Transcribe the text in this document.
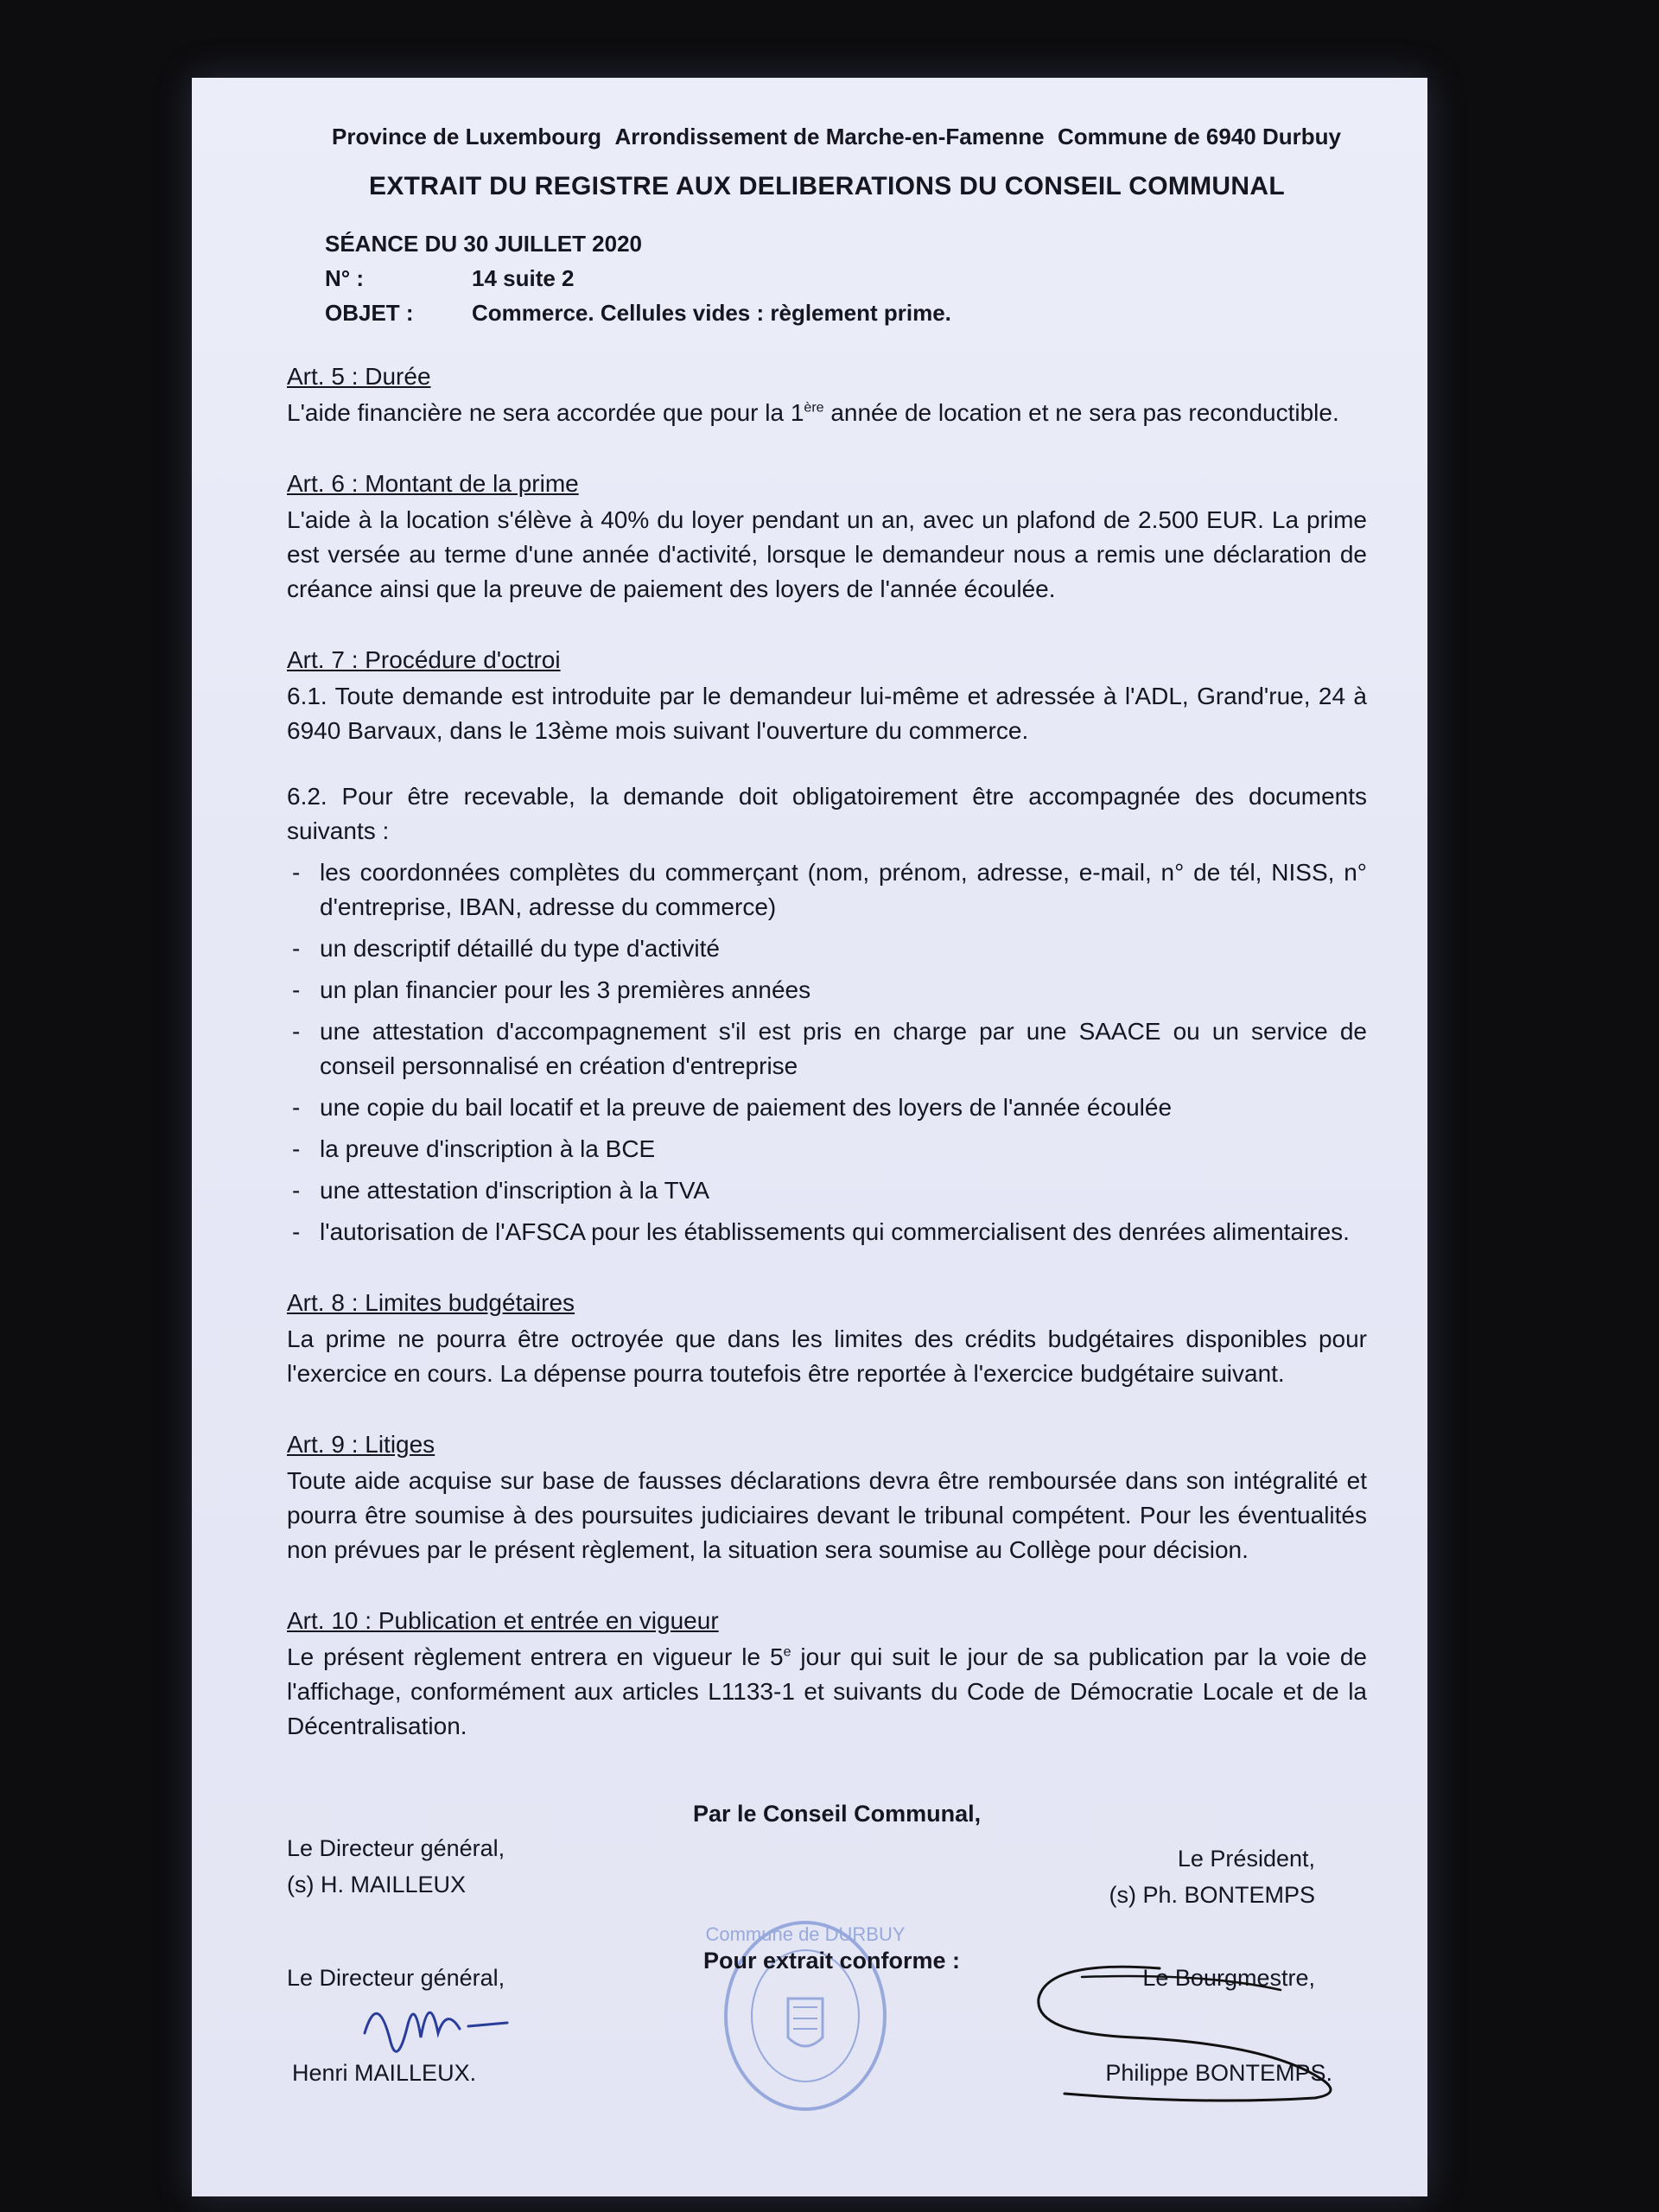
Province de Luxembourg Arrondissement de Marche-en-Famenne Commune de 6940 Durbuy
EXTRAIT DU REGISTRE AUX DELIBERATIONS DU CONSEIL COMMUNAL
SÉANCE DU 30 JUILLET 2020
N° :	14 suite 2
OBJET :	Commerce. Cellules vides : règlement prime.
Art. 5 : Durée
L'aide financière ne sera accordée que pour la 1ère année de location et ne sera pas reconductible.
Art. 6 : Montant de la prime
L'aide à la location s'élève à 40% du loyer pendant un an, avec un plafond de 2.500 EUR. La prime est versée au terme d'une année d'activité, lorsque le demandeur nous a remis une déclaration de créance ainsi que la preuve de paiement des loyers de l'année écoulée.
Art. 7 : Procédure d'octroi
6.1. Toute demande est introduite par le demandeur lui-même et adressée à l'ADL, Grand'rue, 24 à 6940 Barvaux, dans le 13ème mois suivant l'ouverture du commerce.
6.2. Pour être recevable, la demande doit obligatoirement être accompagnée des documents suivants :
- les coordonnées complètes du commerçant (nom, prénom, adresse, e-mail, n° de tél, NISS, n° d'entreprise, IBAN, adresse du commerce)
- un descriptif détaillé du type d'activité
- un plan financier pour les 3 premières années
- une attestation d'accompagnement s'il est pris en charge par une SAACE ou un service de conseil personnalisé en création d'entreprise
- une copie du bail locatif et la preuve de paiement des loyers de l'année écoulée
- la preuve d'inscription à la BCE
- une attestation d'inscription à la TVA
- l'autorisation de l'AFSCA pour les établissements qui commercialisent des denrées alimentaires.
Art. 8 : Limites budgétaires
La prime ne pourra être octroyée que dans les limites des crédits budgétaires disponibles pour l'exercice en cours. La dépense pourra toutefois être reportée à l'exercice budgétaire suivant.
Art. 9 : Litiges
Toute aide acquise sur base de fausses déclarations devra être remboursée dans son intégralité et pourra être soumise à des poursuites judiciaires devant le tribunal compétent. Pour les éventualités non prévues par le présent règlement, la situation sera soumise au Collège pour décision.
Art. 10 : Publication et entrée en vigueur
Le présent règlement entrera en vigueur le 5e jour qui suit le jour de sa publication par la voie de l'affichage, conformément aux articles L1133-1 et suivants du Code de Démocratie Locale et de la Décentralisation.
Par le Conseil Communal,
Le Directeur général,
(s) H. MAILLEUX
Le Président,
(s) Ph. BONTEMPS
Commune de DURBUY
Pour extrait conforme :
Le Directeur général,
Henri MAILLEUX.
Le Bourgmestre,
Philippe BONTEMPS.
